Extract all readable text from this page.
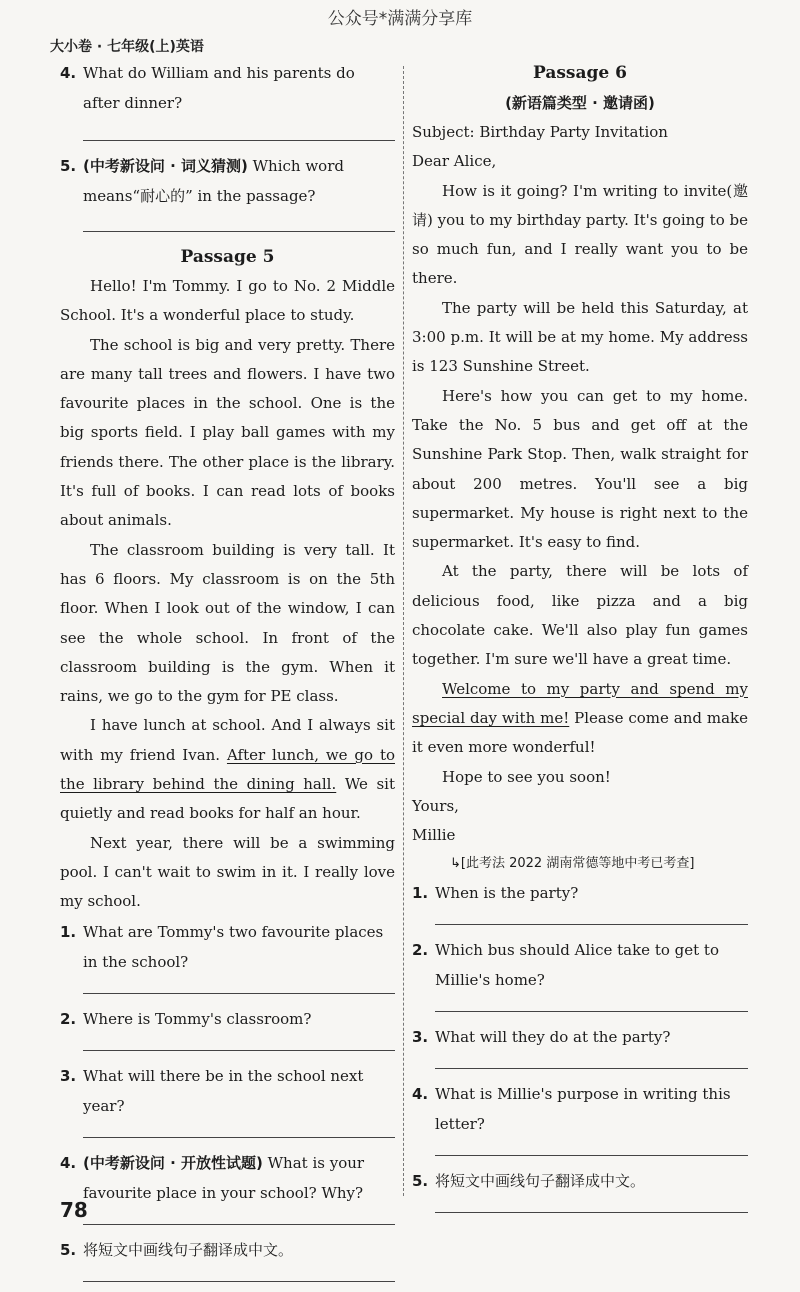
公众号*满满分享库
大小卷 · 七年级(上)英语

4. What do William and his parents do after dinner?

5. (中考新设问 · 词义猜测) Which word means“耐心的” in the passage?

Passage 5

Hello! I'm Tommy. I go to No. 2 Middle School. It's a wonderful place to study.

The school is big and very pretty. There are many tall trees and flowers. I have two favourite places in the school. One is the big sports field. I play ball games with my friends there. The other place is the library. It's full of books. I can read lots of books about animals.

The classroom building is very tall. It has 6 floors. My classroom is on the 5th floor. When I look out of the window, I can see the whole school. In front of the classroom building is the gym. When it rains, we go to the gym for PE class.

I have lunch at school. And I always sit with my friend Ivan. After lunch, we go to the library behind the dining hall. We sit quietly and read books for half an hour.

Next year, there will be a swimming pool. I can't wait to swim in it. I really love my school.

1. What are Tommy's two favourite places in the school?

2. Where is Tommy's classroom?

3. What will there be in the school next year?

4. (中考新设问 · 开放性试题) What is your favourite place in your school? Why?

5. 将短文中画线句子翻译成中文。

Passage 6

(新语篇类型 · 邀请函)

Subject: Birthday Party Invitation

Dear Alice,

How is it going? I'm writing to invite(邀请) you to my birthday party. It's going to be so much fun, and I really want you to be there.

The party will be held this Saturday, at 3:00 p.m. It will be at my home. My address is 123 Sunshine Street.

Here's how you can get to my home. Take the No. 5 bus and get off at the Sunshine Park Stop. Then, walk straight for about 200 metres. You'll see a big supermarket. My house is right next to the supermarket. It's easy to find.

At the party, there will be lots of delicious food, like pizza and a big chocolate cake. We'll also play fun games together. I'm sure we'll have a great time.

Welcome to my party and spend my special day with me! Please come and make it even more wonderful!

Hope to see you soon!

Yours,

Millie

↳[此考法 2022 湖南常德等地中考已考查]

1. When is the party?

2. Which bus should Alice take to get to Millie's home?

3. What will they do at the party?

4. What is Millie's purpose in writing this letter?

5. 将短文中画线句子翻译成中文。

78
